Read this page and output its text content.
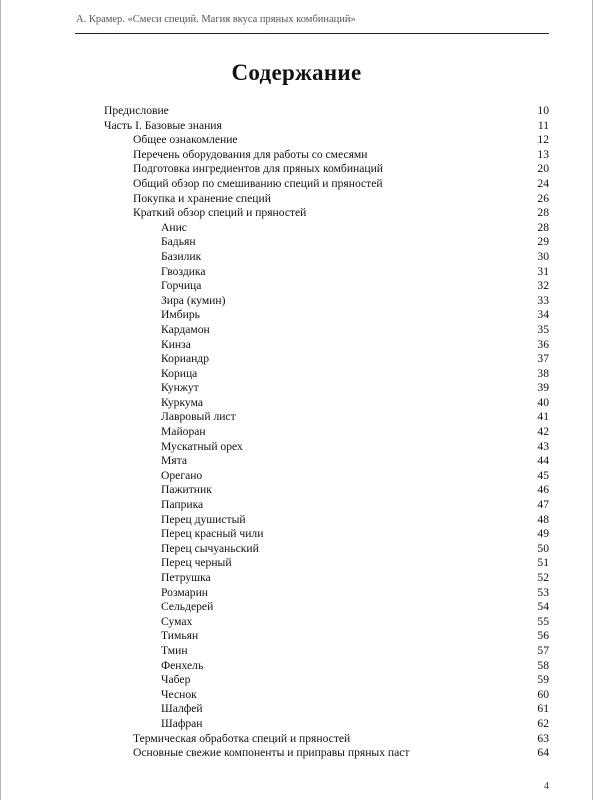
А. Крамер. «Смеси специй. Магия вкуса пряных комбинаций»
Содержание
Предисловие	10
Часть I. Базовые знания	11
Общее ознакомление	12
Перечень оборудования для работы со смесями	13
Подготовка ингредиентов для пряных комбинаций	20
Общий обзор по смешиванию специй и пряностей	24
Покупка и хранение специй	26
Краткий обзор специй и пряностей	28
Анис	28
Бадьян	29
Базилик	30
Гвоздика	31
Горчица	32
Зира (кумин)	33
Имбирь	34
Кардамон	35
Кинза	36
Кориандр	37
Корица	38
Кунжут	39
Куркума	40
Лавровый лист	41
Майоран	42
Мускатный орех	43
Мята	44
Орегано	45
Пажитник	46
Паприка	47
Перец душистый	48
Перец красный чили	49
Перец сычуаньский	50
Перец черный	51
Петрушка	52
Розмарин	53
Сельдерей	54
Сумах	55
Тимьян	56
Тмин	57
Фенхель	58
Чабер	59
Чеснок	60
Шалфей	61
Шафран	62
Термическая обработка специй и пряностей	63
Основные свежие компоненты и приправы пряных паст	64
4
